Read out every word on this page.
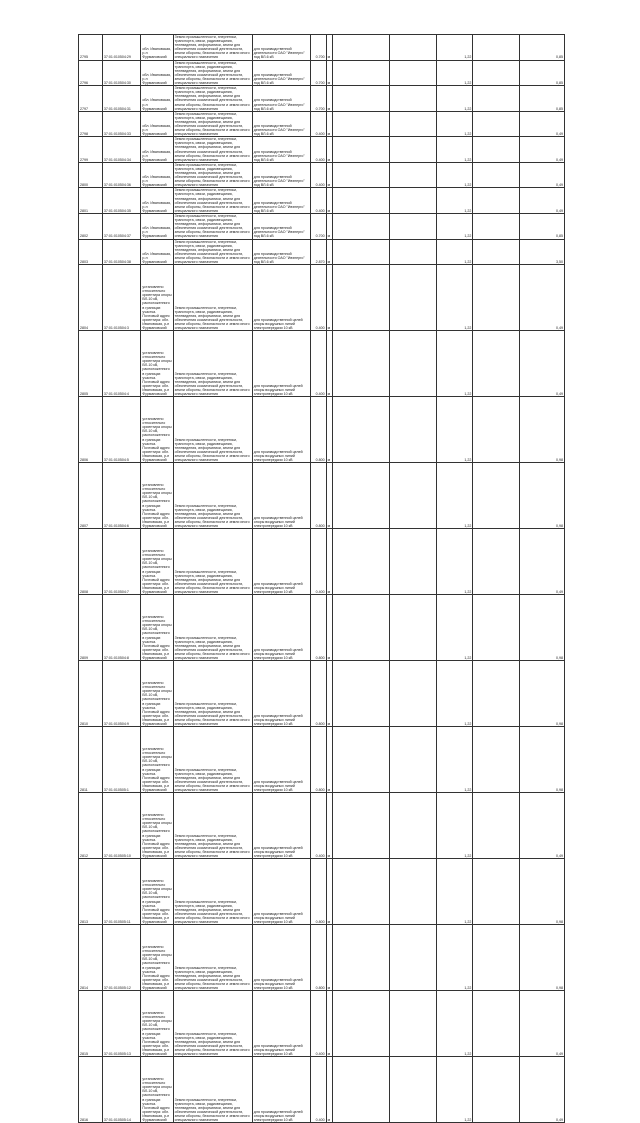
2795	37:01:010504:29	обл. Ивановская, р-н Фурмановский	Земли промышленности, энергетики, транспорта, связи, радиовещания, телевидения, информатики, земли для обеспечения космической деятельности, земли обороны, безопасности и земли иного специального назначения	для производственной деятельности ОАО "Ивэнерго" под ВЛ-6 кВ	0.700	м			1,22		0,85
2796	37:01:010504:30	обл. Ивановская, р-н Фурмановский	Земли промышленности, энергетики, транспорта, связи, радиовещания, телевидения, информатики, земли для обеспечения космической деятельности, земли обороны, безопасности и земли иного специального назначения	для производственной деятельности ОАО "Ивэнерго" под ВЛ-6 кВ	0.700	м			1,22		0,85
2797	37:01:010504:31	обл. Ивановская, р-н Фурмановский	Земли промышленности, энергетики, транспорта, связи, радиовещания, телевидения, информатики, земли для обеспечения космической деятельности, земли обороны, безопасности и земли иного специального назначения	для производственной деятельности ОАО "Ивэнерго" под ВЛ-6 кВ	0.700	м			1,22		0,85
2798	37:01:010504:33	обл. Ивановская, р-н Фурмановский	Земли промышленности, энергетики, транспорта, связи, радиовещания, телевидения, информатики, земли для обеспечения космической деятельности, земли обороны, безопасности и земли иного специального назначения	для производственной деятельности ОАО "Ивэнерго" под ВЛ-6 кВ	0.400	м			1,22		0,49
2799	37:01:010504:34	обл. Ивановская, р-н Фурмановский	Земли промышленности, энергетики, транспорта, связи, радиовещания, телевидения, информатики, земли для обеспечения космической деятельности, земли обороны, безопасности и земли иного специального назначения	для производственной деятельности ОАО "Ивэнерго" под ВЛ-6 кВ	0.400	м			1,22		0,49
2800	37:01:010504:36	обл. Ивановская, р-н Фурмановский	Земли промышленности, энергетики, транспорта, связи, радиовещания, телевидения, информатики, земли для обеспечения космической деятельности, земли обороны, безопасности и земли иного специального назначения	для производственной деятельности ОАО "Ивэнерго" под ВЛ-6 кВ	0.400	м			1,22		0,49
2801	37:01:010504:35	обл. Ивановская, р-н Фурмановский	Земли промышленности, энергетики, транспорта, связи, радиовещания, телевидения, информатики, земли для обеспечения космической деятельности, земли обороны, безопасности и земли иного специального назначения	для производственной деятельности ОАО "Ивэнерго" под ВЛ-6 кВ	0.400	м			1,22		0,49
2802	37:01:010504:37	обл. Ивановская, р-н Фурмановский	Земли промышленности, энергетики, транспорта, связи, радиовещания, телевидения, информатики, земли для обеспечения космической деятельности, земли обороны, безопасности и земли иного специального назначения	для производственной деятельности ОАО "Ивэнерго" под ВЛ-6 кВ	0.700	м			1,22		0,85
2803	37:01:010504:38	обл. Ивановская, р-н Фурмановский	Земли промышленности, энергетики, транспорта, связи, радиовещания, телевидения, информатики, земли для обеспечения космической деятельности, земли обороны, безопасности и земли иного специального назначения	для производственной деятельности ОАО "Ивэнерго" под ВЛ-6 кВ	2.870	м			1,22		3,50
2804	37:01:010504:3	установлено относительно ориентира опоры ВЛ-10 кВ, расположенного в границах участка. Почтовый адрес ориентира: обл. Ивановская, р-н Фурмановский	Земли промышленности, энергетики, транспорта, связи, радиовещания, телевидения, информатики, земли для обеспечения космической деятельности, земли обороны, безопасности и земли иного специального назначения	для производственной целей опоры воздушных линий электропередачи 10 кВ	0.400	м			1,22		0,49
2805	37:01:010504:4	установлено относительно ориентира опоры ВЛ-10 кВ, расположенного в границах участка. Почтовый адрес ориентира: обл. Ивановская, р-н Фурмановский	Земли промышленности, энергетики, транспорта, связи, радиовещания, телевидения, информатики, земли для обеспечения космической деятельности, земли обороны, безопасности и земли иного специального назначения	для производственной целей опоры воздушных линий электропередачи 10 кВ	0.400	м			1,22		0,49
2806	37:01:010504:5	установлено относительно ориентира опоры ВЛ-10 кВ, расположенного в границах участка. Почтовый адрес ориентира: обл. Ивановская, р-н Фурмановский	Земли промышленности, энергетики, транспорта, связи, радиовещания, телевидения, информатики, земли для обеспечения космической деятельности, земли обороны, безопасности и земли иного специального назначения	для производственной целей опоры воздушных линий электропередачи 10 кВ	0.800	м			1,22		0,98
2807	37:01:010504:6	установлено относительно ориентира опоры ВЛ-10 кВ, расположенного в границах участка. Почтовый адрес ориентира: обл. Ивановская, р-н Фурмановский	Земли промышленности, энергетики, транспорта, связи, радиовещания, телевидения, информатики, земли для обеспечения космической деятельности, земли обороны, безопасности и земли иного специального назначения	для производственной целей опоры воздушных линий электропередачи 10 кВ	0.800	м			1,22		0,98
2808	37:01:010504:7	установлено относительно ориентира опоры ВЛ-10 кВ, расположенного в границах участка. Почтовый адрес ориентира: обл. Ивановская, р-н Фурмановский	Земли промышленности, энергетики, транспорта, связи, радиовещания, телевидения, информатики, земли для обеспечения космической деятельности, земли обороны, безопасности и земли иного специального назначения	для производственной целей опоры воздушных линий электропередачи 10 кВ	0.400	м			1,22		0,49
2809	37:01:010504:8	установлено относительно ориентира опоры ВЛ-10 кВ, расположенного в границах участка. Почтовый адрес ориентира: обл. Ивановская, р-н Фурмановский	Земли промышленности, энергетики, транспорта, связи, радиовещания, телевидения, информатики, земли для обеспечения космической деятельности, земли обороны, безопасности и земли иного специального назначения	для производственной целей опоры воздушных линий электропередачи 10 кВ	0.800	м			1,22		0,98
2810	37:01:010504:9	установлено относительно ориентира опоры ВЛ-10 кВ, расположенного в границах участка. Почтовый адрес ориентира: обл. Ивановская, р-н Фурмановский	Земли промышленности, энергетики, транспорта, связи, радиовещания, телевидения, информатики, земли для обеспечения космической деятельности, земли обороны, безопасности и земли иного специального назначения	для производственной целей опоры воздушных линий электропередачи 10 кВ	0.800	м			1,22		0,98
2811	37:01:010505:1	установлено относительно ориентира опоры ВЛ-10 кВ, расположенного в границах участка. Почтовый адрес ориентира: обл. Ивановская, р-н Фурмановский	Земли промышленности, энергетики, транспорта, связи, радиовещания, телевидения, информатики, земли для обеспечения космической деятельности, земли обороны, безопасности и земли иного специального назначения	для производственной целей опоры воздушных линий электропередачи 10 кВ	0.800	м			1,22		0,98
2812	37:01:010505:10	установлено относительно ориентира опоры ВЛ-10 кВ, расположенного в границах участка. Почтовый адрес ориентира: обл. Ивановская, р-н Фурмановский	Земли промышленности, энергетики, транспорта, связи, радиовещания, телевидения, информатики, земли для обеспечения космической деятельности, земли обороны, безопасности и земли иного специального назначения	для производственной целей опоры воздушных линий электропередачи 10 кВ	0.400	м			1,22		0,49
2813	37:01:010505:11	установлено относительно ориентира опоры ВЛ-10 кВ, расположенного в границах участка. Почтовый адрес ориентира: обл. Ивановская, р-н Фурмановский	Земли промышленности, энергетики, транспорта, связи, радиовещания, телевидения, информатики, земли для обеспечения космической деятельности, земли обороны, безопасности и земли иного специального назначения	для производственной целей опоры воздушных линий электропередачи 10 кВ	0.800	м			1,22		0,98
2814	37:01:010505:12	установлено относительно ориентира опоры ВЛ-10 кВ, расположенного в границах участка. Почтовый адрес ориентира: обл. Ивановская, р-н Фурмановский	Земли промышленности, энергетики, транспорта, связи, радиовещания, телевидения, информатики, земли для обеспечения космической деятельности, земли обороны, безопасности и земли иного специального назначения	для производственной целей опоры воздушных линий электропередачи 10 кВ	0.800	м			1,22		0,98
2815	37:01:010505:13	установлено относительно ориентира опоры ВЛ-10 кВ, расположенного в границах участка. Почтовый адрес ориентира: обл. Ивановская, р-н Фурмановский	Земли промышленности, энергетики, транспорта, связи, радиовещания, телевидения, информатики, земли для обеспечения космической деятельности, земли обороны, безопасности и земли иного специального назначения	для производственной целей опоры воздушных линий электропередачи 10 кВ	0.400	м			1,22		0,49
2816	37:01:010505:14	установлено относительно ориентира опоры ВЛ-10 кВ, расположенного в границах участка. Почтовый адрес ориентира: обл. Ивановская, р-н Фурмановский	Земли промышленности, энергетики, транспорта, связи, радиовещания, телевидения, информатики, земли для обеспечения космической деятельности, земли обороны, безопасности и земли иного специального назначения	для производственной целей опоры воздушных линий электропередачи 10 кВ	0.400	м			1,22		0,49
